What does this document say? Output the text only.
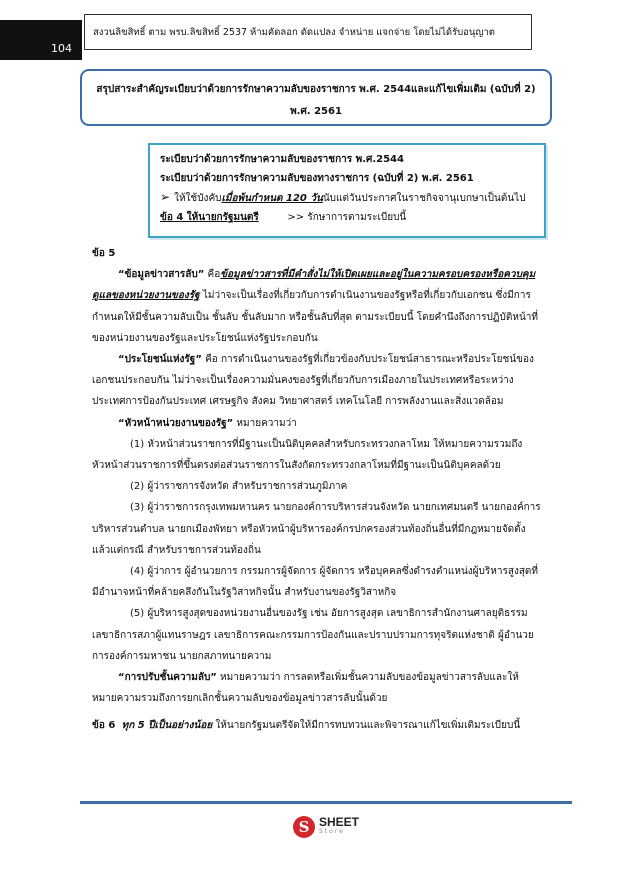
104
สงวนลิขสิทธิ์ ตาม พรบ.ลิขสิทธิ์ 2537 ห้ามคัดลอก ดัดแปลง จำหน่าย แจกจ่าย โดยไม่ได้รับอนุญาต
สรุปสาระสำคัญระเบียบว่าด้วยการรักษาความลับของราชการ พ.ศ. 2544และแก้ไขเพิ่มเติม (ฉบับที่ 2) พ.ศ. 2561
ระเบียบว่าด้วยการรักษาความลับของราชการ พ.ศ.2544
ระเบียบว่าด้วยการรักษาความลับของทางราชการ (ฉบับที่ 2) พ.ศ. 2561
➢ ให้ใช้บังคับเมื่อพ้นกำหนด 120 วันนับแต่วันประกาศในราชกิจจานุเบกษาเป็นต้นไป
ข้อ 4 ให้นายกรัฐมนตรี	>> รักษาการตามระเบียบนี้

ข้อ 5

“ข้อมูลข่าวสารลับ” คือข้อมูลข่าวสารที่มีคำสั่งไม่ให้เปิดเผยและอยู่ในความครอบครองหรือควบคุมดูแลของหน่วยงานของรัฐ ไม่ว่าจะเป็นเรื่องที่เกี่ยวกับการดำเนินงานของรัฐหรือที่เกี่ยวกับเอกชน ซึ่งมีการกำหนดให้มีชั้นความลับเป็น ชั้นลับ ชั้นลับมาก หรือชั้นลับที่สุด ตามระเบียบนี้ โดยคำนึงถึงการปฏิบัติหน้าที่ของหน่วยงานของรัฐและประโยชน์แห่งรัฐประกอบกัน

“ประโยชน์แห่งรัฐ” คือ การดำเนินงานของรัฐที่เกี่ยวข้องกับประโยชน์สาธารณะหรือประโยชน์ของเอกชนประกอบกัน ไม่ว่าจะเป็นเรื่องความมั่นคงของรัฐที่เกี่ยวกับการเมืองภายในประเทศหรือระหว่างประเทศการป้องกันประเทศ เศรษฐกิจ สังคม วิทยาศาสตร์ เทคโนโลยี การพลังงานและสิ่งแวดล้อม

“หัวหน้าหน่วยงานของรัฐ” หมายความว่า

(1) หัวหน้าส่วนราชการที่มีฐานะเป็นนิติบุคคลสำหรับกระทรวงกลาโหม ให้หมายความรวมถึงหัวหน้าส่วนราชการที่ขึ้นตรงต่อส่วนราชการในสังกัดกระทรวงกลาโหมที่มีฐานะเป็นนิติบุคคลด้วย

(2) ผู้ว่าราชการจังหวัด สำหรับราชการส่วนภูมิภาค

(3) ผู้ว่าราชการกรุงเทพมหานคร นายกองค์การบริหารส่วนจังหวัด นายกเทศมนตรี นายกองค์การบริหารส่วนตำบล นายกเมืองพัทยา หรือหัวหน้าผู้บริหารองค์กรปกครองส่วนท้องถิ่นอื่นที่มีกฎหมายจัดตั้ง แล้วแต่กรณี สำหรับราชการส่วนท้องถิ่น

(4) ผู้ว่าการ ผู้อำนวยการ กรรมการผู้จัดการ ผู้จัดการ หรือบุคคลซึ่งดำรงตำแหน่งผู้บริหารสูงสุดที่มีอำนาจหน้าที่คล้ายคลึงกันในรัฐวิสาหกิจนั้น สำหรับงานของรัฐวิสาหกิจ

(5) ผู้บริหารสูงสุดของหน่วยงานอื่นของรัฐ เช่น อัยการสูงสุด เลขาธิการสำนักงานศาลยุติธรรม เลขาธิการสภาผู้แทนราษฎร เลขาธิการคณะกรรมการป้องกันและปราบปรามการทุจริตแห่งชาติ ผู้อำนวยการองค์การมหาชน นายกสภาทนายความ

“การปรับชั้นความลับ” หมายความว่า การลดหรือเพิ่มชั้นความลับของข้อมูลข่าวสารลับและให้หมายความรวมถึงการยกเลิกชั้นความลับของข้อมูลข่าวสารลับนั้นด้วย

ข้อ 6 ทุก 5 ปีเป็นอย่างน้อย ให้นายกรัฐมนตรีจัดให้มีการทบทวนและพิจารณาแก้ไขเพิ่มเติมระเบียบนี้

S SHEET
Store
